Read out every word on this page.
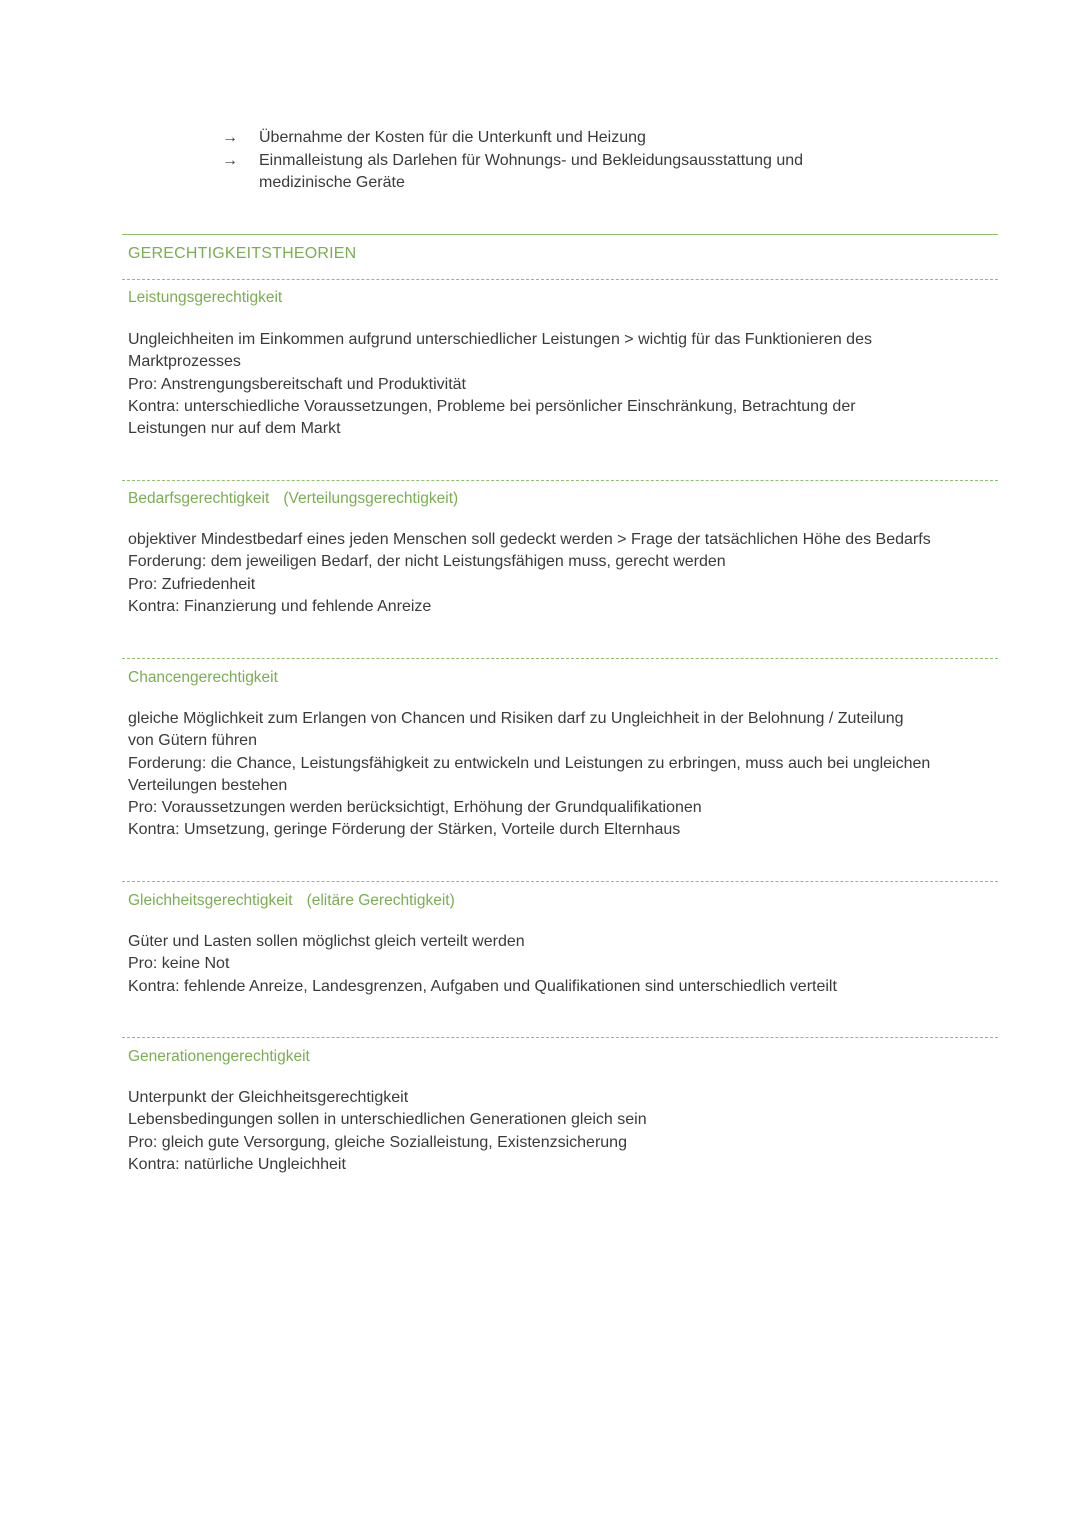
→	Übernahme der Kosten für die Unterkunft und Heizung
→	Einmalleistung als Darlehen für Wohnungs- und Bekleidungsausstattung und medizinische Geräte
GERECHTIGKEITSTHEORIEN
Leistungsgerechtigkeit

Ungleichheiten im Einkommen aufgrund unterschiedlicher Leistungen > wichtig für das Funktionieren des Marktprozesses

Pro: Anstrengungsbereitschaft und Produktivität

Kontra: unterschiedliche Voraussetzungen, Probleme bei persönlicher Einschränkung, Betrachtung der Leistungen nur auf dem Markt

Bedarfsgerechtigkeit (Verteilungsgerechtigkeit)

objektiver Mindestbedarf eines jeden Menschen soll gedeckt werden > Frage der tatsächlichen Höhe des Bedarfs

Forderung: dem jeweiligen Bedarf, der nicht Leistungsfähigen muss, gerecht werden

Pro: Zufriedenheit

Kontra: Finanzierung und fehlende Anreize

Chancengerechtigkeit

gleiche Möglichkeit zum Erlangen von Chancen und Risiken darf zu Ungleichheit in der Belohnung / Zuteilung von Gütern führen

Forderung: die Chance, Leistungsfähigkeit zu entwickeln und Leistungen zu erbringen, muss auch bei ungleichen Verteilungen bestehen

Pro: Voraussetzungen werden berücksichtigt, Erhöhung der Grundqualifikationen

Kontra: Umsetzung, geringe Förderung der Stärken, Vorteile durch Elternhaus

Gleichheitsgerechtigkeit (elitäre Gerechtigkeit)

Güter und Lasten sollen möglichst gleich verteilt werden

Pro: keine Not

Kontra: fehlende Anreize, Landesgrenzen, Aufgaben und Qualifikationen sind unterschiedlich verteilt

Generationengerechtigkeit

Unterpunkt der Gleichheitsgerechtigkeit

Lebensbedingungen sollen in unterschiedlichen Generationen gleich sein

Pro: gleich gute Versorgung, gleiche Sozialleistung, Existenzsicherung

Kontra: natürliche Ungleichheit
